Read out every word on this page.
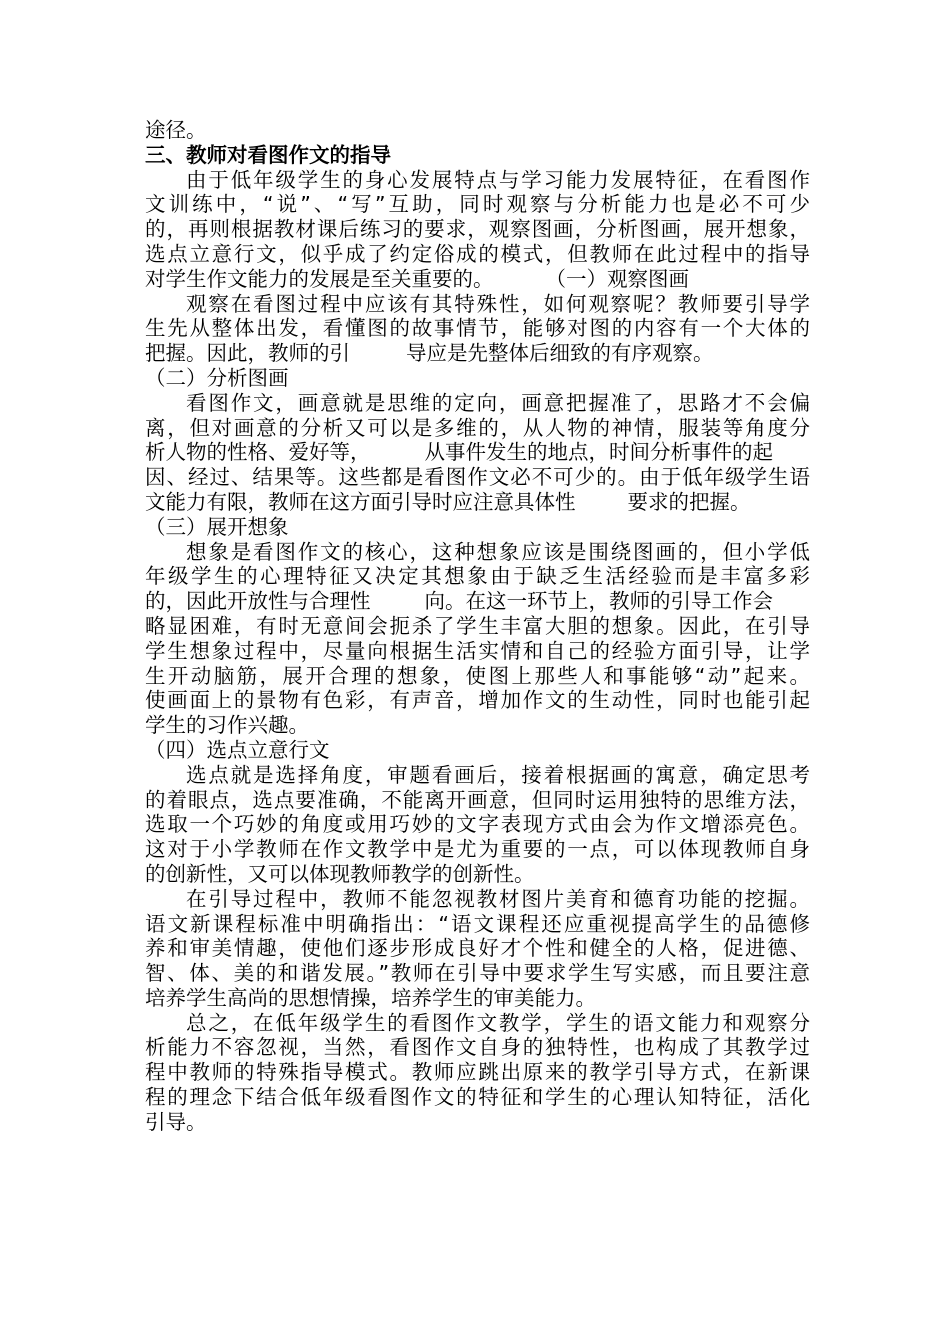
途径。
三、教师对看图作文的指导
由于低年级学生的身心发展特点与学习能力发展特征，在看图作
文训练中，“说”、“写”互助，同时观察与分析能力也是必不可少
的，再则根据教材课后练习的要求，观察图画，分析图画，展开想象，
选点立意行文，似乎成了约定俗成的模式，但教师在此过程中的指导
对学生作文能力的发展是至关重要的。	（一）观察图画
观察在看图过程中应该有其特殊性，如何观察呢？教师要引导学
生先从整体出发，看懂图的故事情节，能够对图的内容有一个大体的
把握。因此，教师的引	导应是先整体后细致的有序观察。
（二）分析图画
看图作文，画意就是思维的定向，画意把握准了，思路才不会偏
离，但对画意的分析又可以是多维的，从人物的神情，服装等角度分
析人物的性格、爱好等，	从事件发生的地点，时间分析事件的起
因、经过、结果等。这些都是看图作文必不可少的。由于低年级学生语
文能力有限，教师在这方面引导时应注意具体性	要求的把握。
（三）展开想象
想象是看图作文的核心，这种想象应该是围绕图画的，但小学低
年级学生的心理特征又决定其想象由于缺乏生活经验而是丰富多彩
的，因此开放性与合理性	向。在这一环节上，教师的引导工作会
略显困难，有时无意间会扼杀了学生丰富大胆的想象。因此，在引导
学生想象过程中，尽量向根据生活实情和自己的经验方面引导，让学
生开动脑筋，展开合理的想象，使图上那些人和事能够“动”起来。
使画面上的景物有色彩，有声音，增加作文的生动性，同时也能引起
学生的习作兴趣。
（四）选点立意行文
选点就是选择角度，审题看画后，接着根据画的寓意，确定思考
的着眼点，选点要准确，不能离开画意，但同时运用独特的思维方法，
选取一个巧妙的角度或用巧妙的文字表现方式由会为作文增添亮色。
这对于小学教师在作文教学中是尤为重要的一点，可以体现教师自身
的创新性，又可以体现教师教学的创新性。
在引导过程中，教师不能忽视教材图片美育和德育功能的挖掘。
语文新课程标准中明确指出：“语文课程还应重视提高学生的品德修
养和审美情趣，使他们逐步形成良好才个性和健全的人格，促进德、
智、体、美的和谐发展。”教师在引导中要求学生写实感，而且要注意
培养学生高尚的思想情操，培养学生的审美能力。
总之，在低年级学生的看图作文教学，学生的语文能力和观察分
析能力不容忽视，当然，看图作文自身的独特性，也构成了其教学过
程中教师的特殊指导模式。教师应跳出原来的教学引导方式，在新课
程的理念下结合低年级看图作文的特征和学生的心理认知特征，活化
引导。
